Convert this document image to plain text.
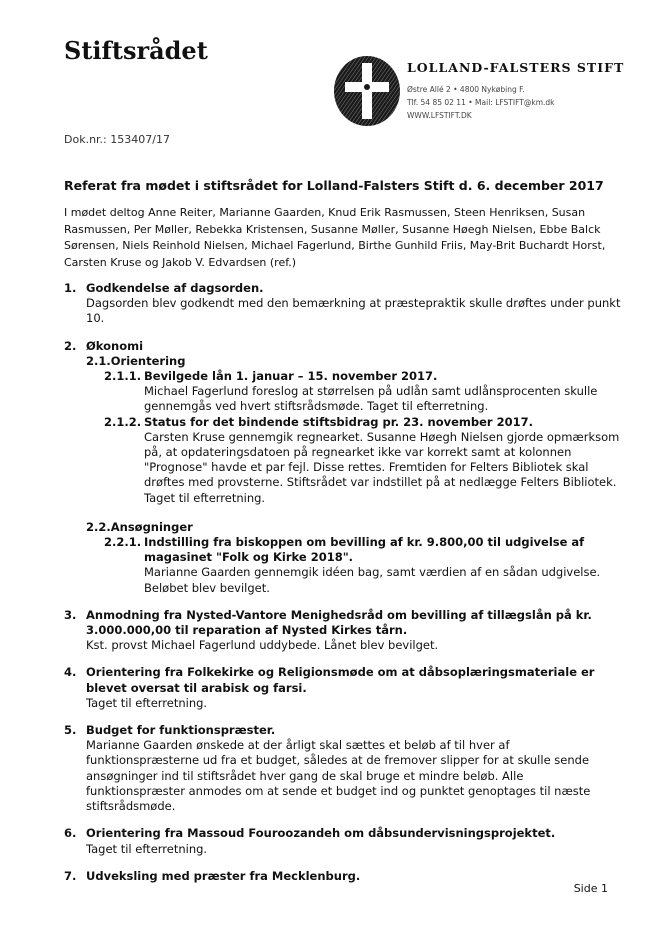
Stiftsrådet
LOLLAND-FALSTERS STIFT
Østre Allé 2 • 4800 Nykøbing F.
Tlf. 54 85 02 11 • Mail: LFSTIFT@km.dk
WWW.LFSTIFT.DK
Dok.nr.: 153407/17
Referat fra mødet i stiftsrådet for Lolland-Falsters Stift d. 6. december 2017
I mødet deltog Anne Reiter, Marianne Gaarden, Knud Erik Rasmussen, Steen Henriksen, Susan Rasmussen, Per Møller, Rebekka Kristensen, Susanne Møller, Susanne Høegh Nielsen, Ebbe Balck Sørensen, Niels Reinhold Nielsen, Michael Fagerlund, Birthe Gunhild Friis, May-Brit Buchardt Horst, Carsten Kruse og Jakob V. Edvardsen (ref.)
1. Godkendelse af dagsorden.
Dagsorden blev godkendt med den bemærkning at præstepraktik skulle drøftes under punkt 10.
2. Økonomi
2.1.Orientering
2.1.1. Bevilgede lån 1. januar – 15. november 2017.
Michael Fagerlund foreslog at størrelsen på udlån samt udlånsprocenten skulle gennemgås ved hvert stiftsrådsmøde. Taget til efterretning.
2.1.2. Status for det bindende stiftsbidrag pr. 23. november 2017.
Carsten Kruse gennemgik regnearket. Susanne Høegh Nielsen gjorde opmærksom på, at opdateringsdatoen på regnearket ikke var korrekt samt at kolonnen "Prognose" havde et par fejl. Disse rettes. Fremtiden for Felters Bibliotek skal drøftes med provsterne. Stiftsrådet var indstillet på at nedlægge Felters Bibliotek. Taget til efterretning.
2.2.Ansøgninger
2.2.1. Indstilling fra biskoppen om bevilling af kr. 9.800,00 til udgivelse af magasinet "Folk og Kirke 2018".
Marianne Gaarden gennemgik idéen bag, samt værdien af en sådan udgivelse. Beløbet blev bevilget.
3. Anmodning fra Nysted-Vantore Menighedsråd om bevilling af tillægslån på kr. 3.000.000,00 til reparation af Nysted Kirkes tårn.
Kst. provst Michael Fagerlund uddybede. Lånet blev bevilget.
4. Orientering fra Folkekirke og Religionsmøde om at dåbsoplæringsmateriale er blevet oversat til arabisk og farsi.
Taget til efterretning.
5. Budget for funktionspræster.
Marianne Gaarden ønskede at der årligt skal sættes et beløb af til hver af funktionspræsterne ud fra et budget, således at de fremover slipper for at skulle sende ansøgninger ind til stiftsrådet hver gang de skal bruge et mindre beløb. Alle funktionspræster anmodes om at sende et budget ind og punktet genoptages til næste stiftsrådsmøde.
6. Orientering fra Massoud Fouroozandeh om dåbsundervisningsprojektet.
Taget til efterretning.
7. Udveksling med præster fra Mecklenburg.
Side 1
